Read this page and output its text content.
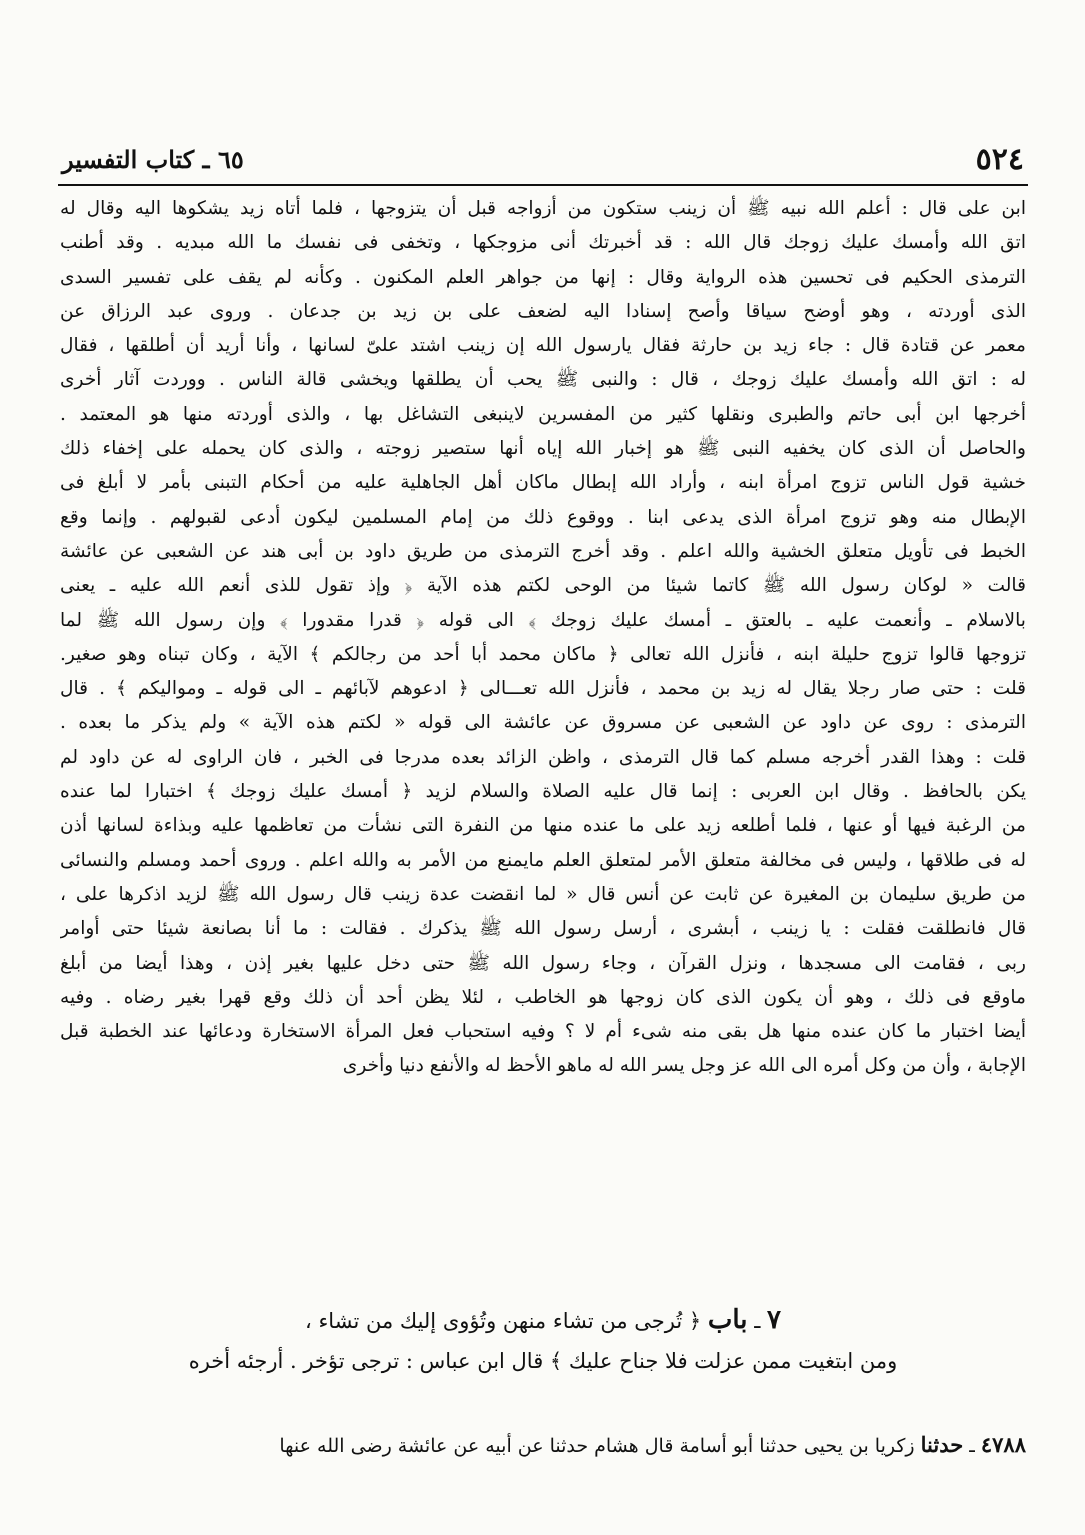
٥٢٤
٦٥ ـ كتاب التفسير
ابن على قال : أعلم الله نبيه ﷺ أن زينب ستكون من أزواجه قبل أن يتزوجها ، فلما أتاه زيد يشكوها اليه وقال له
اتق الله وأمسك عليك زوجك قال الله : قد أخبرتك أنى مزوجكها ، وتخفى فى نفسك ما الله مبديه . وقد أطنب
الترمذى الحكيم فى تحسين هذه الرواية وقال : إنها من جواهر العلم المكنون . وكأنه لم يقف على تفسير السدى
الذى أوردته ، وهو أوضح سياقا وأصح إسنادا اليه لضعف على بن زيد بن جدعان . وروى عبد الرزاق عن
معمر عن قتادة قال : جاء زيد بن حارثة فقال يارسول الله إن زينب اشتد علىّ لسانها ، وأنا أريد أن أطلقها ، فقال
له : اتق الله وأمسك عليك زوجك ، قال : والنبى ﷺ يحب أن يطلقها ويخشى قالة الناس . ووردت آثار أخرى
أخرجها ابن أبى حاتم والطبرى ونقلها كثير من المفسرين لاينبغى التشاغل بها ، والذى أوردته منها هو المعتمد .
والحاصل أن الذى كان يخفيه النبى ﷺ هو إخبار الله إياه أنها ستصير زوجته ، والذى كان يحمله على إخفاء ذلك
خشية قول الناس تزوج امرأة ابنه ، وأراد الله إبطال ماكان أهل الجاهلية عليه من أحكام التبنى بأمر لا أبلغ فى
الإبطال منه وهو تزوج امرأة الذى يدعى ابنا . ووقوع ذلك من إمام المسلمين ليكون أدعى لقبولهم . وإنما وقع
الخبط فى تأويل متعلق الخشية والله اعلم . وقد أخرج الترمذى من طريق داود بن أبى هند عن الشعبى عن عائشة
قالت « لوكان رسول الله ﷺ كاتما شيئا من الوحى لكتم هذه الآية ﴿ وإذ تقول للذى أنعم الله عليه ـ يعنى
بالاسلام ـ وأنعمت عليه ـ بالعتق ـ أمسك عليك زوجك ﴾ الى قوله ﴿ قدرا مقدورا ﴾ وإن رسول الله ﷺ لما
تزوجها قالوا تزوج حليلة ابنه ، فأنزل الله تعالى ﴿ ماكان محمد أبا أحد من رجالكم ﴾ الآية ، وكان تبناه وهو صغير.
قلت : حتى صار رجلا يقال له زيد بن محمد ، فأنزل الله تعـــالى ﴿ ادعوهم لآبائهم ـ الى قوله ـ ومواليكم ﴾ . قال
الترمذى : روى عن داود عن الشعبى عن مسروق عن عائشة الى قوله « لكتم هذه الآية » ولم يذكر ما بعده .
قلت : وهذا القدر أخرجه مسلم كما قال الترمذى ، واظن الزائد بعده مدرجا فى الخبر ، فان الراوى له عن داود لم
يكن بالحافظ . وقال ابن العربى : إنما قال عليه الصلاة والسلام لزيد ﴿ أمسك عليك زوجك ﴾ اختبارا لما عنده
من الرغبة فيها أو عنها ، فلما أطلعه زيد على ما عنده منها من النفرة التى نشأت من تعاظمها عليه وبذاءة لسانها أذن
له فى طلاقها ، وليس فى مخالفة متعلق الأمر لمتعلق العلم مايمنع من الأمر به والله اعلم . وروى أحمد ومسلم والنسائى
من طريق سليمان بن المغيرة عن ثابت عن أنس قال « لما انقضت عدة زينب قال رسول الله ﷺ لزيد اذكرها على ،
قال فانطلقت فقلت : يا زينب ، أبشرى ، أرسل رسول الله ﷺ يذكرك . فقالت : ما أنا بصانعة شيئا حتى أوامر
ربى ، فقامت الى مسجدها ، ونزل القرآن ، وجاء رسول الله ﷺ حتى دخل عليها بغير إذن ، وهذا أيضا من أبلغ
ماوقع فى ذلك ، وهو أن يكون الذى كان زوجها هو الخاطب ، لئلا يظن أحد أن ذلك وقع قهرا بغير رضاه . وفيه
أيضا اختبار ما كان عنده منها هل بقى منه شىء أم لا ؟ وفيه استحباب فعل المرأة الاستخارة ودعائها عند الخطبة قبل
الإجابة ، وأن من وكل أمره الى الله عز وجل يسر الله له ماهو الأحظ له والأنفع دنيا وأخرى
٧ ـ باب ﴿ تُرجى من تشاء منهن وتُؤوى إليك من تشاء ،
ومن ابتغيت ممن عزلت فلا جناح عليك ﴾ قال ابن عباس : ترجى تؤخر . أرجئه أخره
٤٧٨٨ ـ حدثنا زكريا بن يحيى حدثنا أبو أسامة قال هشام حدثنا عن أبيه عن عائشة رضى الله عنها
